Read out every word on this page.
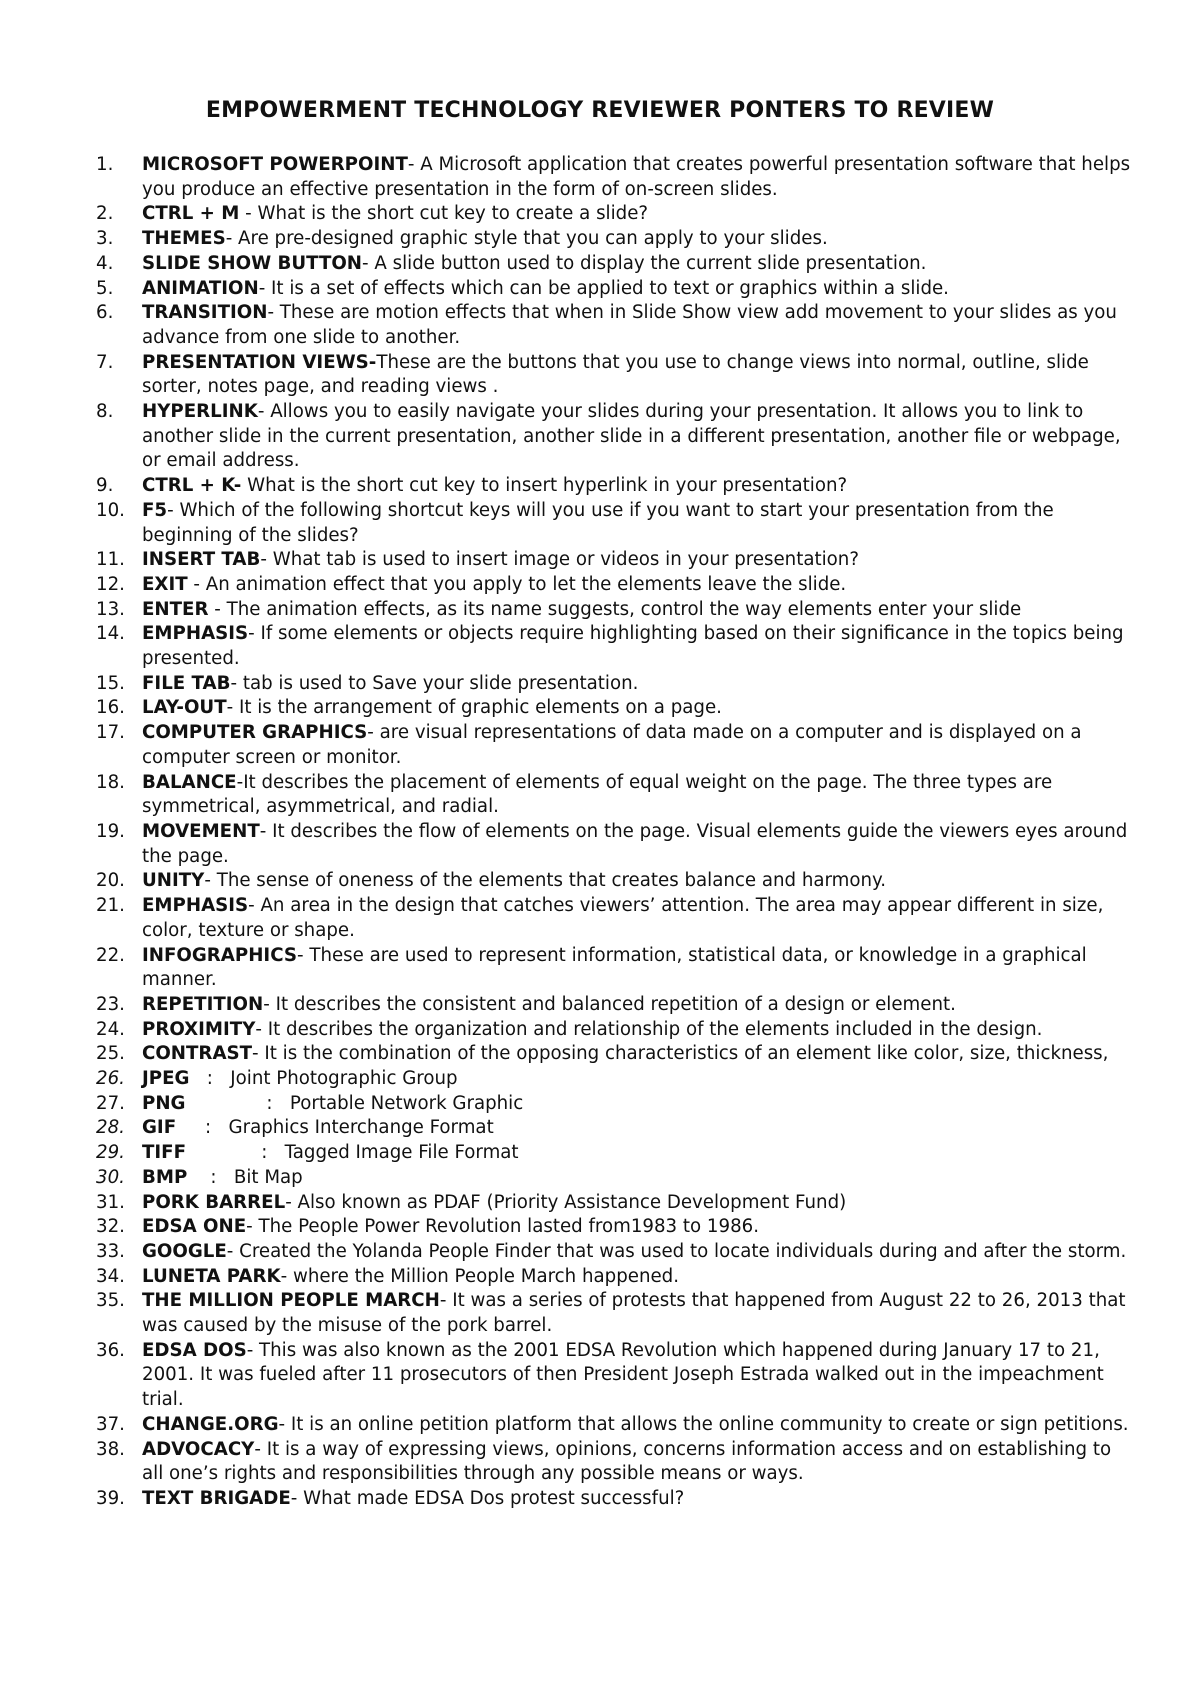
EMPOWERMENT TECHNOLOGY REVIEWER PONTERS TO REVIEW
1.	MICROSOFT POWERPOINT- A Microsoft application that creates powerful presentation software that helps you produce an effective presentation in the form of on-screen slides.
2.	CTRL + M - What is the short cut key to create a slide?
3.	THEMES- Are pre-designed graphic style that you can apply to your slides.
4.	SLIDE SHOW BUTTON- A slide button used to display the current slide presentation.
5.	ANIMATION- It is a set of effects which can be applied to text or graphics within a slide.
6.	TRANSITION- These are motion effects that when in Slide Show view add movement to your slides as you advance from one slide to another.
7.	PRESENTATION VIEWS-These are the buttons that you use to change views into normal, outline, slide sorter, notes page, and reading views .
8.	HYPERLINK- Allows you to easily navigate your slides during your presentation. It allows you to link to another slide in the current presentation, another slide in a different presentation, another file or webpage, or email address.
9.	CTRL + K- What is the short cut key to insert hyperlink in your presentation?
10. F5- Which of the following shortcut keys will you use if you want to start your presentation from the beginning of the slides?
11. INSERT TAB- What tab is used to insert image or videos in your presentation?
12. EXIT - An animation effect that you apply to let the elements leave the slide.
13. ENTER - The animation effects, as its name suggests, control the way elements enter your slide
14. EMPHASIS- If some elements or objects require highlighting based on their significance in the topics being presented.
15. FILE TAB- tab is used to Save your slide presentation.
16. LAY-OUT- It is the arrangement of graphic elements on a page.
17. COMPUTER GRAPHICS- are visual representations of data made on a computer and is displayed on a computer screen or monitor.
18. BALANCE-It describes the placement of elements of equal weight on the page. The three types are symmetrical, asymmetrical, and radial.
19. MOVEMENT- It describes the flow of elements on the page. Visual elements guide the viewers eyes around the page.
20. UNITY- The sense of oneness of the elements that creates balance and harmony.
21. EMPHASIS- An area in the design that catches viewers’ attention. The area may appear different in size, color, texture or shape.
22. INFOGRAPHICS- These are used to represent information, statistical data, or knowledge in a graphical manner.
23. REPETITION- It describes the consistent and balanced repetition of a design or element.
24. PROXIMITY- It describes the organization and relationship of the elements included in the design.
25. CONTRAST- It is the combination of the opposing characteristics of an element like color, size, thickness,
26. JPEG   :   Joint Photographic Group
27. PNG              :   Portable Network Graphic
28. GIF     :   Graphics Interchange Format
29. TIFF             :   Tagged Image File Format
30. BMP    :   Bit Map
31. PORK BARREL- Also known as PDAF (Priority Assistance Development Fund)
32. EDSA ONE- The People Power Revolution lasted from1983 to 1986.
33. GOOGLE- Created the Yolanda People Finder that was used to locate individuals during and after the storm.
34. LUNETA PARK- where the Million People March happened.
35. THE MILLION PEOPLE MARCH- It was a series of protests that happened from August 22 to 26, 2013 that was caused by the misuse of the pork barrel.
36. EDSA DOS- This was also known as the 2001 EDSA Revolution which happened during January 17 to 21, 2001. It was fueled after 11 prosecutors of then President Joseph Estrada walked out in the impeachment trial.
37. CHANGE.ORG- It is an online petition platform that allows the online community to create or sign petitions.
38. ADVOCACY- It is a way of expressing views, opinions, concerns information access and on establishing to all one’s rights and responsibilities through any possible means or ways.
39. TEXT BRIGADE- What made EDSA Dos protest successful?
